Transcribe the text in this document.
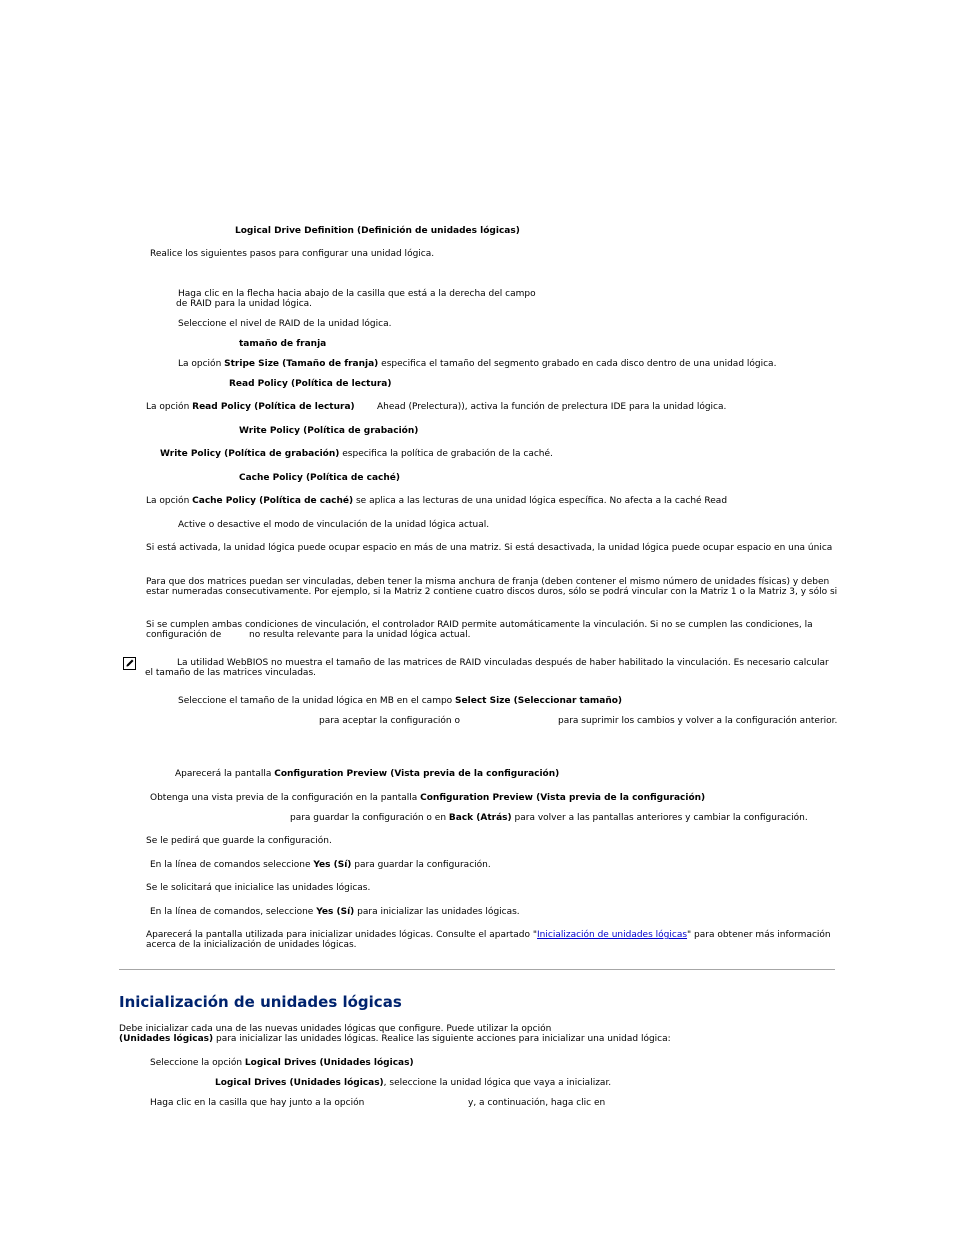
Logical Drive Definition (Definición de unidades lógicas)
Realice los siguientes pasos para configurar una unidad lógica.
Haga clic en la flecha hacia abajo de la casilla que está a la derecha del campo
de RAID para la unidad lógica.
Seleccione el nivel de RAID de la unidad lógica.
tamaño de franja
La opción Stripe Size (Tamaño de franja) especifica el tamaño del segmento grabado en cada disco dentro de una unidad lógica.
Read Policy (Política de lectura)
La opción Read Policy (Política de lectura) Ahead (Prelectura)), activa la función de prelectura IDE para la unidad lógica.
Write Policy (Política de grabación)
Write Policy (Política de grabación) especifica la política de grabación de la caché.
Cache Policy (Política de caché)
La opción Cache Policy (Política de caché) se aplica a las lecturas de una unidad lógica específica. No afecta a la caché Read
Active o desactive el modo de vinculación de la unidad lógica actual.
Si está activada, la unidad lógica puede ocupar espacio en más de una matriz. Si está desactivada, la unidad lógica puede ocupar espacio en una única
Para que dos matrices puedan ser vinculadas, deben tener la misma anchura de franja (deben contener el mismo número de unidades físicas) y deben
estar numeradas consecutivamente. Por ejemplo, si la Matriz 2 contiene cuatro discos duros, sólo se podrá vincular con la Matriz 1 o la Matriz 3, y sólo si
Si se cumplen ambas condiciones de vinculación, el controlador RAID permite automáticamente la vinculación. Si no se cumplen las condiciones, la
configuración de	no resulta relevante para la unidad lógica actual.
La utilidad WebBIOS no muestra el tamaño de las matrices de RAID vinculadas después de haber habilitado la vinculación. Es necesario calcular
el tamaño de las matrices vinculadas.
Seleccione el tamaño de la unidad lógica en MB en el campo Select Size (Seleccionar tamaño)
para aceptar la configuración o	para suprimir los cambios y volver a la configuración anterior.
Aparecerá la pantalla Configuration Preview (Vista previa de la configuración)
Obtenga una vista previa de la configuración en la pantalla Configuration Preview (Vista previa de la configuración)
para guardar la configuración o en Back (Atrás) para volver a las pantallas anteriores y cambiar la configuración.
Se le pedirá que guarde la configuración.
En la línea de comandos seleccione Yes (Sí) para guardar la configuración.
Se le solicitará que inicialice las unidades lógicas.
En la línea de comandos, seleccione Yes (Sí) para inicializar las unidades lógicas.
Aparecerá la pantalla utilizada para inicializar unidades lógicas. Consulte el apartado "Inicialización de unidades lógicas" para obtener más información
acerca de la inicialización de unidades lógicas.
Inicialización de unidades lógicas
Debe inicializar cada una de las nuevas unidades lógicas que configure. Puede utilizar la opción
(Unidades lógicas) para inicializar las unidades lógicas. Realice las siguiente acciones para inicializar una unidad lógica:
Seleccione la opción Logical Drives (Unidades lógicas)
Logical Drives (Unidades lógicas), seleccione la unidad lógica que vaya a inicializar.
Haga clic en la casilla que hay junto a la opción	y, a continuación, haga clic en
